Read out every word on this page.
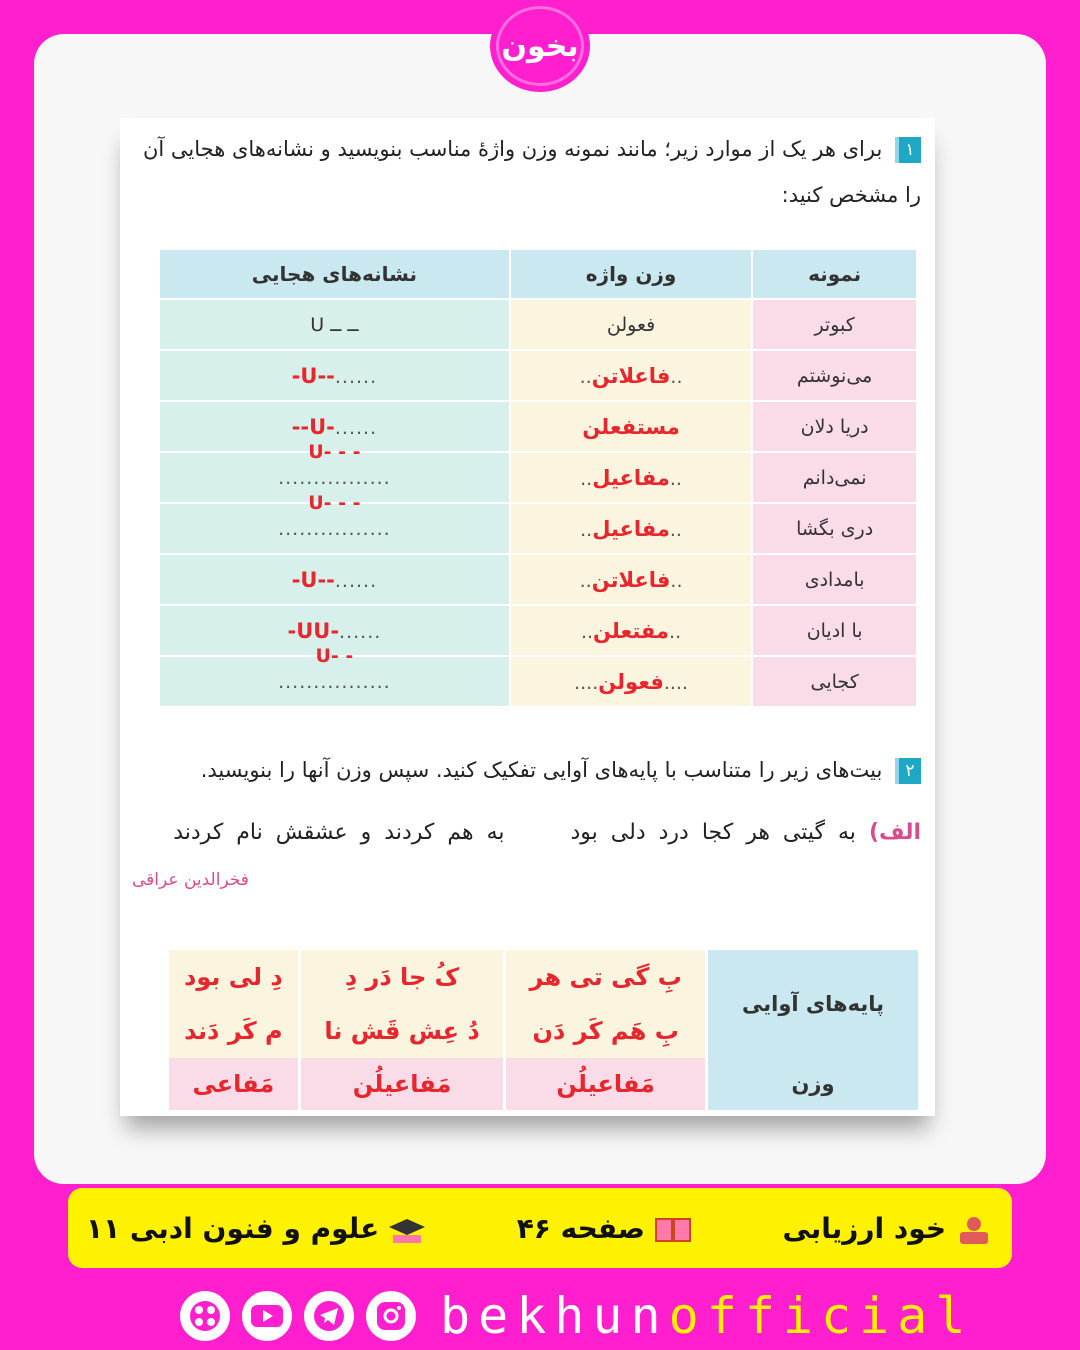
بخون
۱ برای هر یک از موارد زیر؛ مانند نمونه وزن واژهٔ مناسب بنویسید و نشانه‌های هجایی آن را مشخص کنید:
نمونه	وزن واژه	نشانه‌های هجایی
کبوتر	فعولن	U ــ ــ
می‌نوشتم	..فاعلاتن..	......-U--
دریا دلان	مستفعلن	......--U-
نمی‌دانم	..مفاعیل..	U- - -
................
دری بگشا	..مفاعیل..	U- - -
................
بامدادی	..فاعلاتن..	......-U--
با ادیان	..مفتعلن..	......-UU-
کجایی	....فعولن....	U- -
................
۲ بیت‌های زیر را متناسب با پایه‌های آوایی تفکیک کنید. سپس وزن آنها را بنویسید.
الف) به گیتی هر کجا درد دلی بود  به هم کردند و عشقش نام کردند
فخرالدین عراقی
پایه‌های آوایی	بِ گی تی هر	کُ جا دَر دِ	دِ لی بود
	بِ هَم کَر دَن	دُ عِش قَش نا	م کَر دَند
وزن	مَفاعیلُن	مَفاعیلُن	مَفاعی
خود ارزیابی
صفحه ۴۶
علوم و فنون ادبی ۱۱
bekhunofficial
